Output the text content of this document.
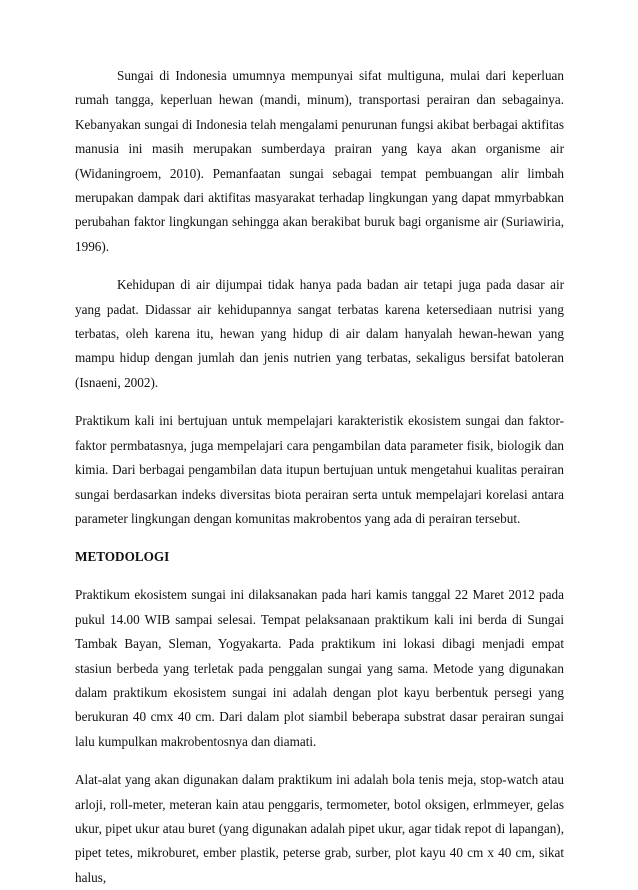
Sungai di Indonesia umumnya mempunyai sifat multiguna, mulai dari keperluan rumah tangga, keperluan hewan (mandi, minum), transportasi perairan dan sebagainya. Kebanyakan sungai di Indonesia telah mengalami penurunan fungsi akibat berbagai aktifitas manusia ini masih merupakan sumberdaya prairan yang kaya akan organisme air (Widaningroem, 2010). Pemanfaatan sungai sebagai tempat pembuangan alir limbah merupakan dampak dari aktifitas masyarakat terhadap lingkungan yang dapat mmyrbabkan perubahan faktor lingkungan sehingga akan berakibat buruk bagi organisme air (Suriawiria, 1996).

Kehidupan di air dijumpai tidak hanya pada badan air tetapi juga pada dasar air yang padat. Didassar air kehidupannya sangat terbatas karena ketersediaan nutrisi yang terbatas, oleh karena itu, hewan yang hidup di air dalam hanyalah hewan-hewan yang mampu hidup dengan jumlah dan jenis nutrien yang terbatas, sekaligus bersifat batoleran (Isnaeni, 2002).

Praktikum kali ini bertujuan untuk mempelajari karakteristik ekosistem sungai dan faktor-faktor permbatasnya, juga mempelajari cara pengambilan data parameter fisik, biologik dan kimia. Dari berbagai pengambilan data itupun bertujuan untuk mengetahui kualitas perairan sungai berdasarkan indeks diversitas biota perairan serta untuk mempelajari korelasi antara parameter lingkungan dengan komunitas makrobentos yang ada di perairan tersebut.

METODOLOGI

Praktikum ekosistem sungai ini dilaksanakan pada hari kamis tanggal 22 Maret 2012 pada pukul 14.00 WIB sampai selesai. Tempat pelaksanaan praktikum kali ini berda di Sungai Tambak Bayan, Sleman, Yogyakarta. Pada praktikum ini lokasi dibagi menjadi empat stasiun berbeda yang terletak pada penggalan sungai yang sama. Metode yang digunakan dalam praktikum ekosistem sungai ini adalah dengan plot kayu berbentuk persegi yang berukuran 40 cmx 40 cm. Dari dalam plot siambil beberapa substrat dasar perairan sungai lalu kumpulkan makrobentosnya dan diamati.

Alat-alat yang akan digunakan dalam praktikum ini adalah bola tenis meja, stop-watch atau arloji, roll-meter, meteran kain atau penggaris, termometer, botol oksigen, erlmmeyer, gelas ukur, pipet ukur atau buret (yang digunakan adalah pipet ukur, agar tidak repot di lapangan), pipet tetes, mikroburet, ember plastik, peterse grab, surber, plot kayu 40 cm x 40 cm, sikat halus,
